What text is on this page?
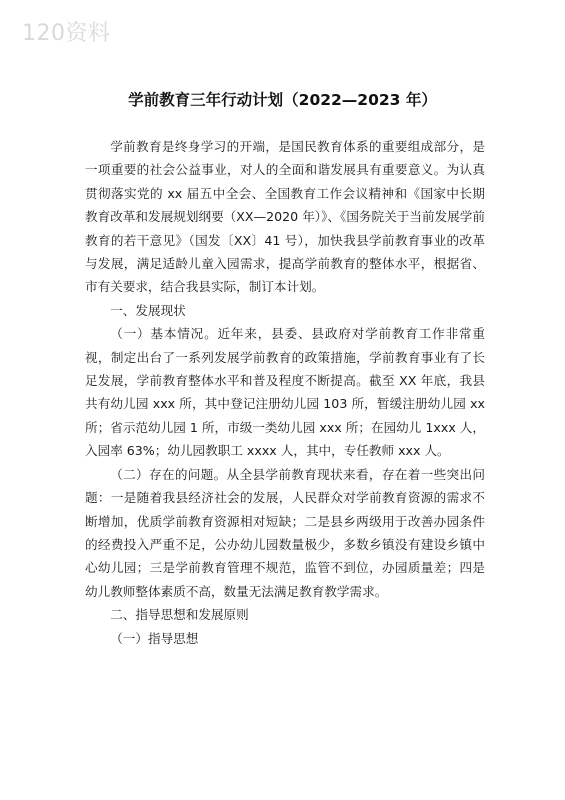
120资料
学前教育三年行动计划（2022—2023 年）

学前教育是终身学习的开端，是国民教育体系的重要组成部分，是一项重要的社会公益事业，对人的全面和谐发展具有重要意义。为认真贯彻落实党的 xx 届五中全会、全国教育工作会议精神和《国家中长期教育改革和发展规划纲要（XX—2020 年）》、《国务院关于当前发展学前教育的若干意见》（国发〔XX〕41 号），加快我县学前教育事业的改革与发展，满足适龄儿童入园需求，提高学前教育的整体水平，根据省、市有关要求，结合我县实际，制订本计划。

一、发展现状

（一）基本情况。近年来，县委、县政府对学前教育工作非常重视，制定出台了一系列发展学前教育的政策措施，学前教育事业有了长足发展，学前教育整体水平和普及程度不断提高。截至 XX 年底，我县共有幼儿园 xxx 所，其中登记注册幼儿园 103 所，暂缓注册幼儿园 xx 所；省示范幼儿园 1 所，市级一类幼儿园 xxx 所；在园幼儿 1xxx 人，入园率 63%；幼儿园教职工 xxxx 人，其中，专任教师 xxx 人。

（二）存在的问题。从全县学前教育现状来看，存在着一些突出问题：一是随着我县经济社会的发展，人民群众对学前教育资源的需求不断增加，优质学前教育资源相对短缺；二是县乡两级用于改善办园条件的经费投入严重不足，公办幼儿园数量极少，多数乡镇没有建设乡镇中心幼儿园；三是学前教育管理不规范，监管不到位，办园质量差；四是幼儿教师整体素质不高，数量无法满足教育教学需求。

二、指导思想和发展原则

（一）指导思想
